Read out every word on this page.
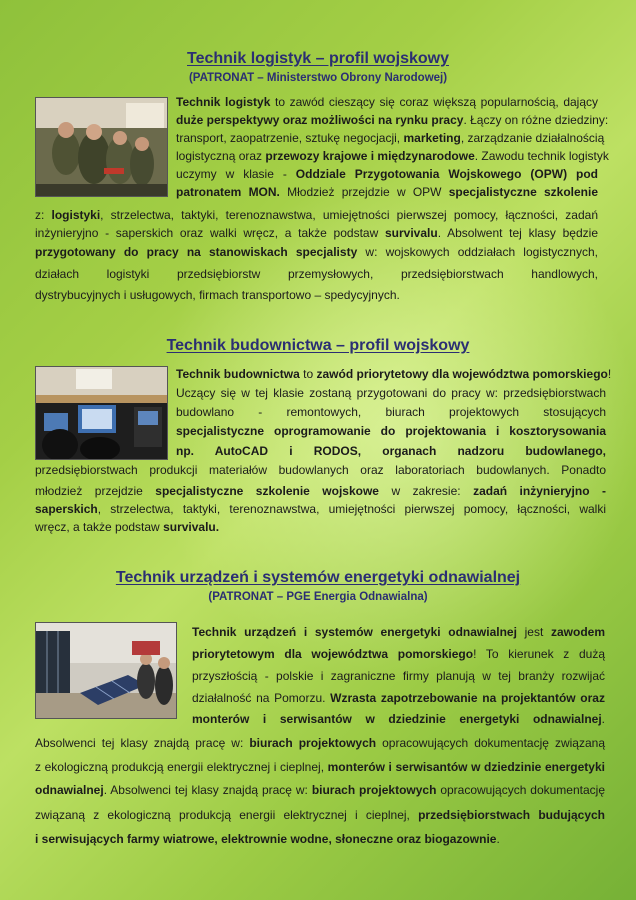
Technik logistyk – profil wojskowy
(PATRONAT – Ministerstwo Obrony Narodowej)
Technik logistyk to zawód cieszący się coraz większą popularnością, dający
duże perspektywy oraz możliwości na rynku pracy. Łączy on różne dziedziny:
transport, zaopatrzenie, sztukę negocjacji, marketing, zarządzanie działalnością
logistyczną oraz przewozy krajowe i międzynarodowe. Zawodu technik logistyk
uczymy w klasie - Oddziale Przygotowania Wojskowego (OPW) pod
patronatem MON. Młodzież przejdzie w OPW specjalistyczne szkolenie
z: logistyki, strzelectwa, taktyki, terenoznawstwa, umiejętności pierwszej pomocy, łączności, zadań
inżynieryjno - saperskich oraz walki wręcz, a także podstaw survivalu. Absolwent tej klasy będzie
przygotowany do pracy na stanowiskach specjalisty w: wojskowych oddziałach logistycznych,
działach logistyki przedsiębiorstw przemysłowych, przedsiębiorstwach handlowych,
dystrybucyjnych i usługowych, firmach transportowo – spedycyjnych.
Technik budownictwa – profil wojskowy
Technik budownictwa to zawód priorytetowy dla województwa pomorskiego!
Uczący się w tej klasie zostaną przygotowani do pracy w: przedsiębiorstwach
budowlano - remontowych, biurach projektowych stosujących
specjalistyczne oprogramowanie do projektowania i kosztorysowania
np. AutoCAD i RODOS, organach nadzoru budowlanego,
przedsiębiorstwach produkcji materiałów budowlanych oraz laboratoriach budowlanych. Ponadto
młodzież przejdzie specjalistyczne szkolenie wojskowe w zakresie: zadań inżynieryjno -
saperskich, strzelectwa, taktyki, terenoznawstwa, umiejętności pierwszej pomocy, łączności, walki
wręcz, a także podstaw survivalu.
Technik urządzeń i systemów energetyki odnawialnej
(PATRONAT – PGE Energia Odnawialna)
Technik urządzeń i systemów energetyki odnawialnej jest zawodem
priorytetowym dla województwa pomorskiego! To kierunek z dużą
przyszłością - polskie i zagraniczne firmy planują w tej branży rozwijać
działalność na Pomorzu. Wzrasta zapotrzebowanie na projektantów oraz
monterów i serwisantów w dziedzinie energetyki odnawialnej.
Absolwenci tej klasy znajdą pracę w: biurach projektowych opracowujących dokumentację związaną
z ekologiczną produkcją energii elektrycznej i cieplnej, monterów i serwisantów w dziedzinie energetyki
odnawialnej. Absolwenci tej klasy znajdą pracę w: biurach projektowych opracowujących dokumentację
związaną z ekologiczną produkcją energii elektrycznej i cieplnej, przedsiębiorstwach budujących
i serwisujących farmy wiatrowe, elektrownie wodne, słoneczne oraz biogazownie.
